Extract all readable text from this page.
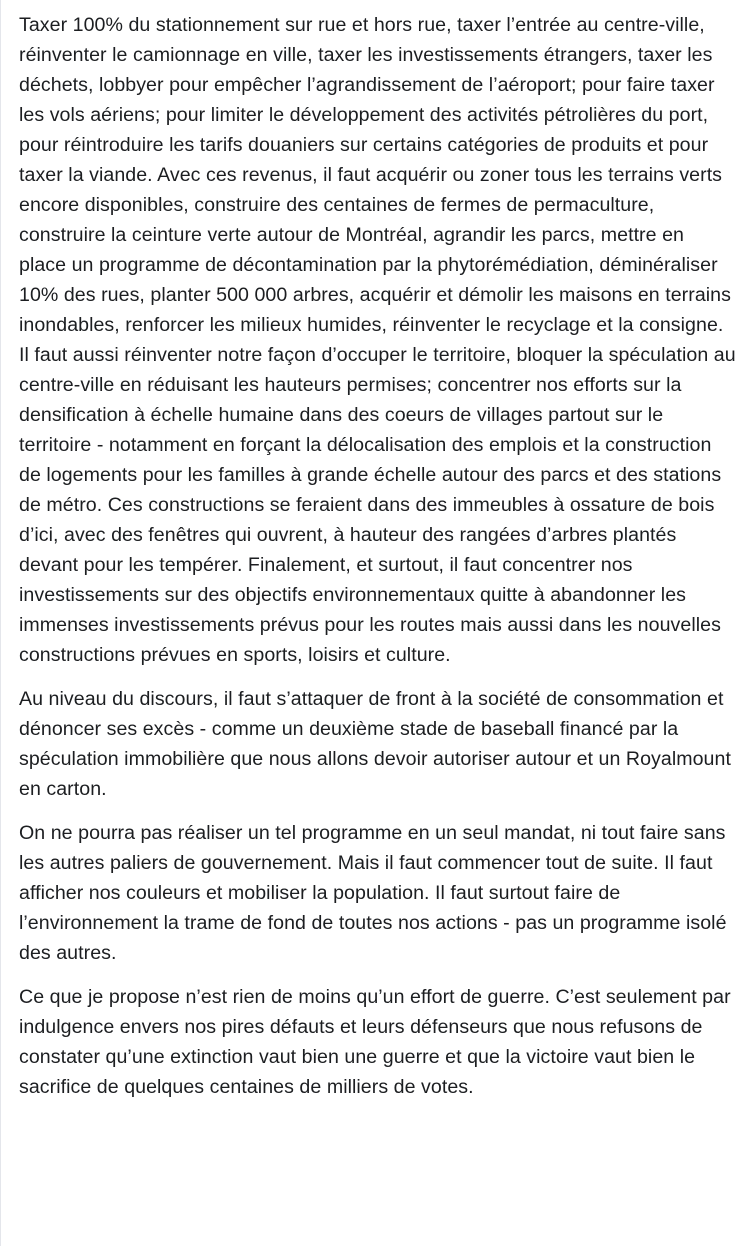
Taxer 100% du stationnement sur rue et hors rue, taxer l’entrée au centre-ville, réinventer le camionnage en ville, taxer les investissements étrangers, taxer les déchets, lobbyer pour empêcher l’agrandissement de l’aéroport; pour faire taxer les vols aériens; pour limiter le développement des activités pétrolières du port, pour réintroduire les tarifs douaniers sur certains catégories de produits et pour taxer la viande. Avec ces revenus, il faut acquérir ou zoner tous les terrains verts encore disponibles, construire des centaines de fermes de permaculture, construire la ceinture verte autour de Montréal, agrandir les parcs, mettre en place un programme de décontamination par la phytorémédiation, déminéraliser 10% des rues, planter 500 000 arbres, acquérir et démolir les maisons en terrains inondables, renforcer les milieux humides, réinventer le recyclage et la consigne. Il faut aussi réinventer notre façon d’occuper le territoire, bloquer la spéculation au centre-ville en réduisant les hauteurs permises; concentrer nos efforts sur la densification à échelle humaine dans des coeurs de villages partout sur le territoire - notamment en forçant la délocalisation des emplois et la construction de logements pour les familles à grande échelle autour des parcs et des stations de métro. Ces constructions se feraient dans des immeubles à ossature de bois d’ici, avec des fenêtres qui ouvrent, à hauteur des rangées d’arbres plantés devant pour les tempérer. Finalement, et surtout, il faut concentrer nos investissements sur des objectifs environnementaux quitte à abandonner les immenses investissements prévus pour les routes mais aussi dans les nouvelles constructions prévues en sports, loisirs et culture.

Au niveau du discours, il faut s’attaquer de front à la société de consommation et dénoncer ses excès - comme un deuxième stade de baseball financé par la spéculation immobilière que nous allons devoir autoriser autour et un Royalmount en carton.

On ne pourra pas réaliser un tel programme en un seul mandat, ni tout faire sans les autres paliers de gouvernement. Mais il faut commencer tout de suite. Il faut afficher nos couleurs et mobiliser la population. Il faut surtout faire de l’environnement la trame de fond de toutes nos actions - pas un programme isolé des autres.

Ce que je propose n’est rien de moins qu’un effort de guerre. C’est seulement par indulgence envers nos pires défauts et leurs défenseurs que nous refusons de constater qu’une extinction vaut bien une guerre et que la victoire vaut bien le sacrifice de quelques centaines de milliers de votes.
